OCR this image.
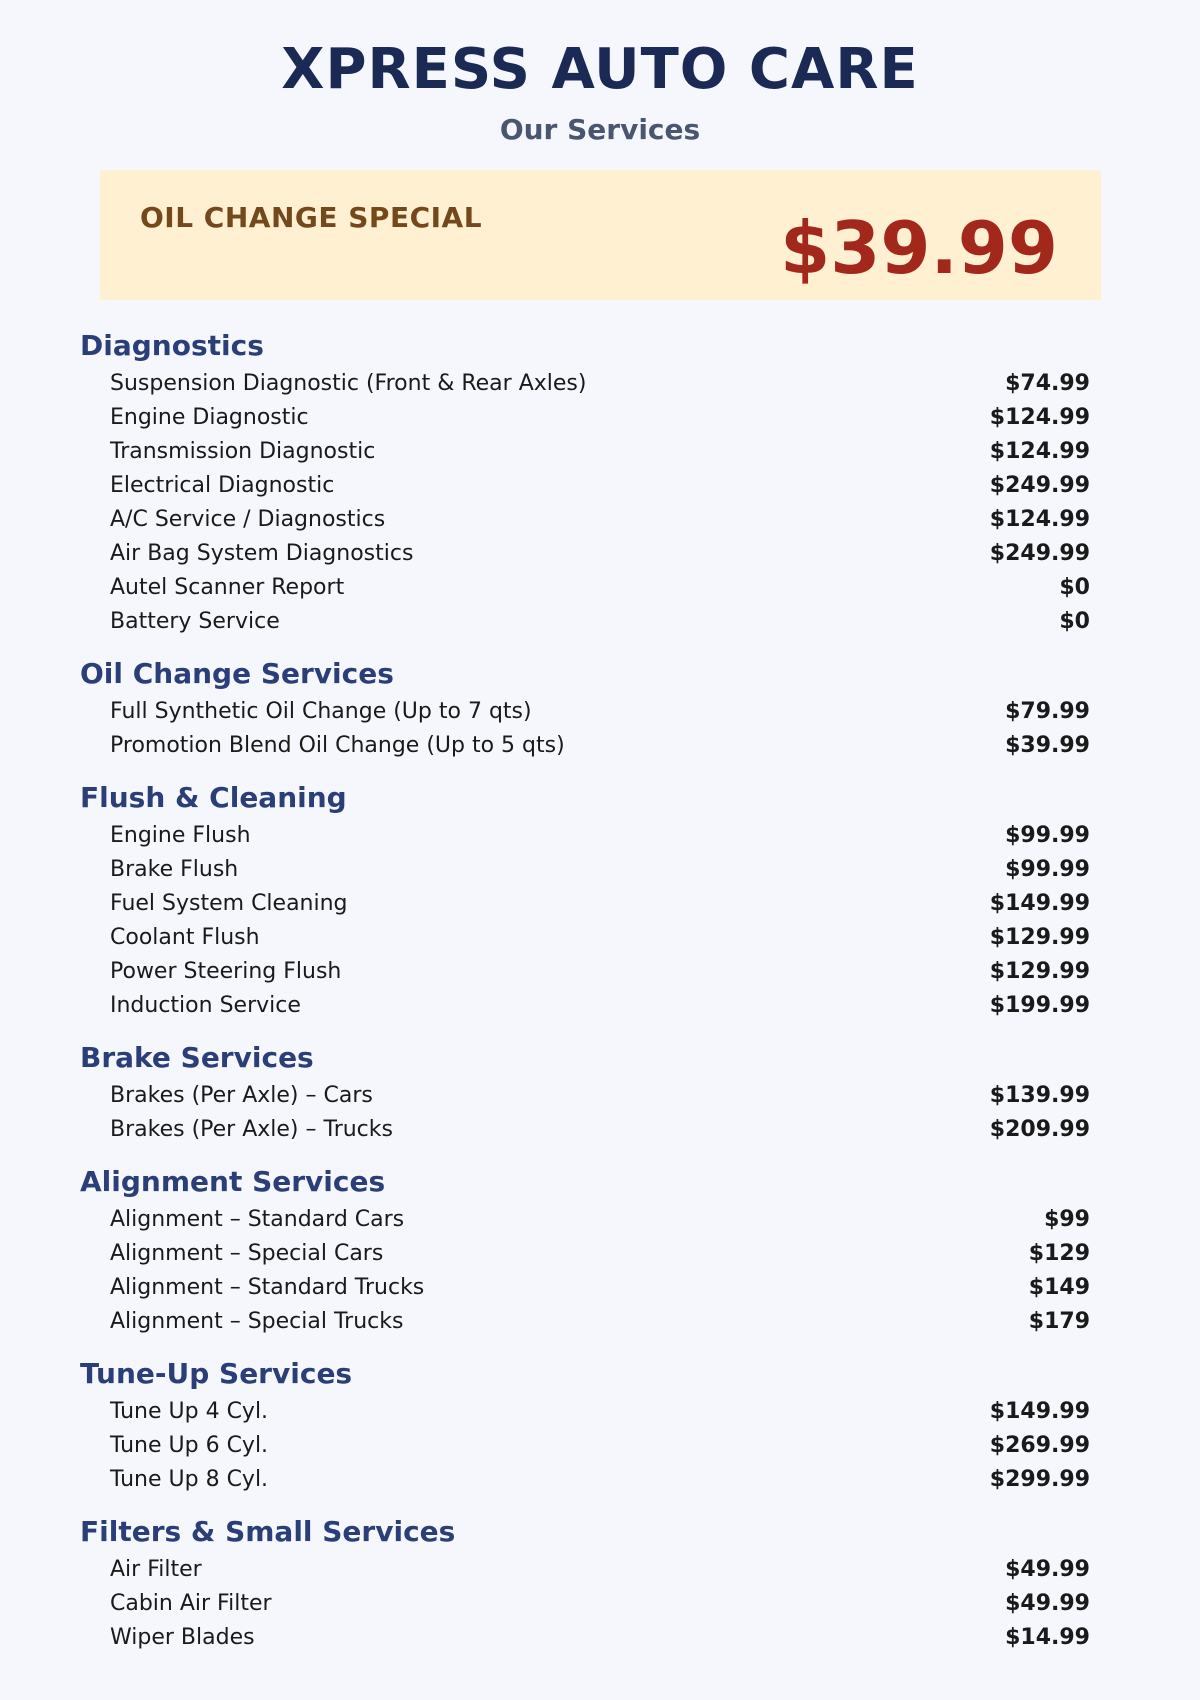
XPRESS AUTO CARE
Our Services
OIL CHANGE SPECIAL	$39.99
Diagnostics
Suspension Diagnostic (Front & Rear Axles)	$74.99
Engine Diagnostic	$124.99
Transmission Diagnostic	$124.99
Electrical Diagnostic	$249.99
A/C Service / Diagnostics	$124.99
Air Bag System Diagnostics	$249.99
Autel Scanner Report	$0
Battery Service	$0
Oil Change Services
Full Synthetic Oil Change (Up to 7 qts)	$79.99
Promotion Blend Oil Change (Up to 5 qts)	$39.99
Flush & Cleaning
Engine Flush	$99.99
Brake Flush	$99.99
Fuel System Cleaning	$149.99
Coolant Flush	$129.99
Power Steering Flush	$129.99
Induction Service	$199.99
Brake Services
Brakes (Per Axle) – Cars	$139.99
Brakes (Per Axle) – Trucks	$209.99
Alignment Services
Alignment – Standard Cars	$99
Alignment – Special Cars	$129
Alignment – Standard Trucks	$149
Alignment – Special Trucks	$179
Tune-Up Services
Tune Up 4 Cyl.	$149.99
Tune Up 6 Cyl.	$269.99
Tune Up 8 Cyl.	$299.99
Filters & Small Services
Air Filter	$49.99
Cabin Air Filter	$49.99
Wiper Blades	$14.99
